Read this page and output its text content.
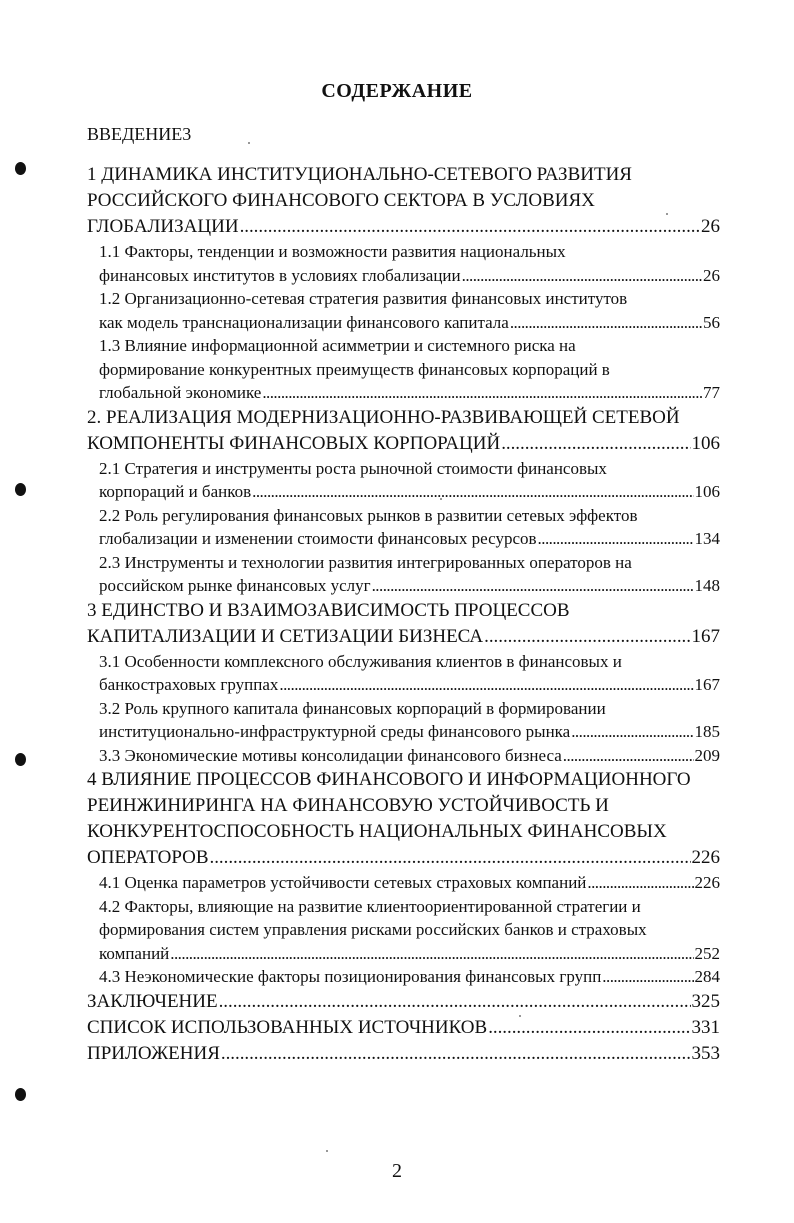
СОДЕРЖАНИЕ
ВВЕДЕНИЕ3
1 ДИНАМИКА ИНСТИТУЦИОНАЛЬНО-СЕТЕВОГО РАЗВИТИЯ
РОССИЙСКОГО ФИНАНСОВОГО СЕКТОРА В УСЛОВИЯХ
ГЛОБАЛИЗАЦИИ . . .	26
1.1 Факторы, тенденции и возможности развития национальных
финансовых институтов в условиях глобализации . . .	26
1.2 Организационно-сетевая стратегия развития финансовых институтов
как модель транснационализации финансового капитала . . .	56
1.3 Влияние информационной асимметрии и системного риска на
формирование конкурентных преимуществ финансовых корпораций в
глобальной экономике . . .	77
2. РЕАЛИЗАЦИЯ МОДЕРНИЗАЦИОННО-РАЗВИВАЮЩЕЙ СЕТЕВОЙ
КОМПОНЕНТЫ ФИНАНСОВЫХ КОРПОРАЦИЙ . . .	106
2.1 Стратегия и инструменты роста рыночной стоимости финансовых
корпораций и банков . . .	106
2.2 Роль регулирования финансовых рынков в развитии сетевых эффектов
глобализации и изменении стоимости финансовых ресурсов . . .	134
2.3 Инструменты и технологии развития интегрированных операторов на
российском рынке финансовых услуг . . .	148
3 ЕДИНСТВО И ВЗАИМОЗАВИСИМОСТЬ ПРОЦЕССОВ
КАПИТАЛИЗАЦИИ И СЕТИЗАЦИИ БИЗНЕСА . . .	167
3.1 Особенности комплексного обслуживания клиентов в финансовых и
банкостраховых группах . . .	167
3.2 Роль крупного капитала финансовых корпораций в формировании
институционально-инфраструктурной среды финансового рынка . . .	185
3.3 Экономические мотивы консолидации финансового бизнеса . . .	209
4 ВЛИЯНИЕ ПРОЦЕССОВ ФИНАНСОВОГО И ИНФОРМАЦИОННОГО
РЕИНЖИНИРИНГА НА ФИНАНСОВУЮ УСТОЙЧИВОСТЬ И
КОНКУРЕНТОСПОСОБНОСТЬ НАЦИОНАЛЬНЫХ ФИНАНСОВЫХ
ОПЕРАТОРОВ . . .	226
4.1 Оценка параметров устойчивости сетевых страховых компаний . . .	226
4.2 Факторы, влияющие на развитие клиентоориентированной стратегии и
формирования систем управления рисками российских банков и страховых
компаний . . .	252
4.3 Неэкономические факторы позиционирования финансовых групп . . .	284
ЗАКЛЮЧЕНИЕ . . .	325
СПИСОК ИСПОЛЬЗОВАННЫХ ИСТОЧНИКОВ . . .	331
ПРИЛОЖЕНИЯ . . .	353
2
